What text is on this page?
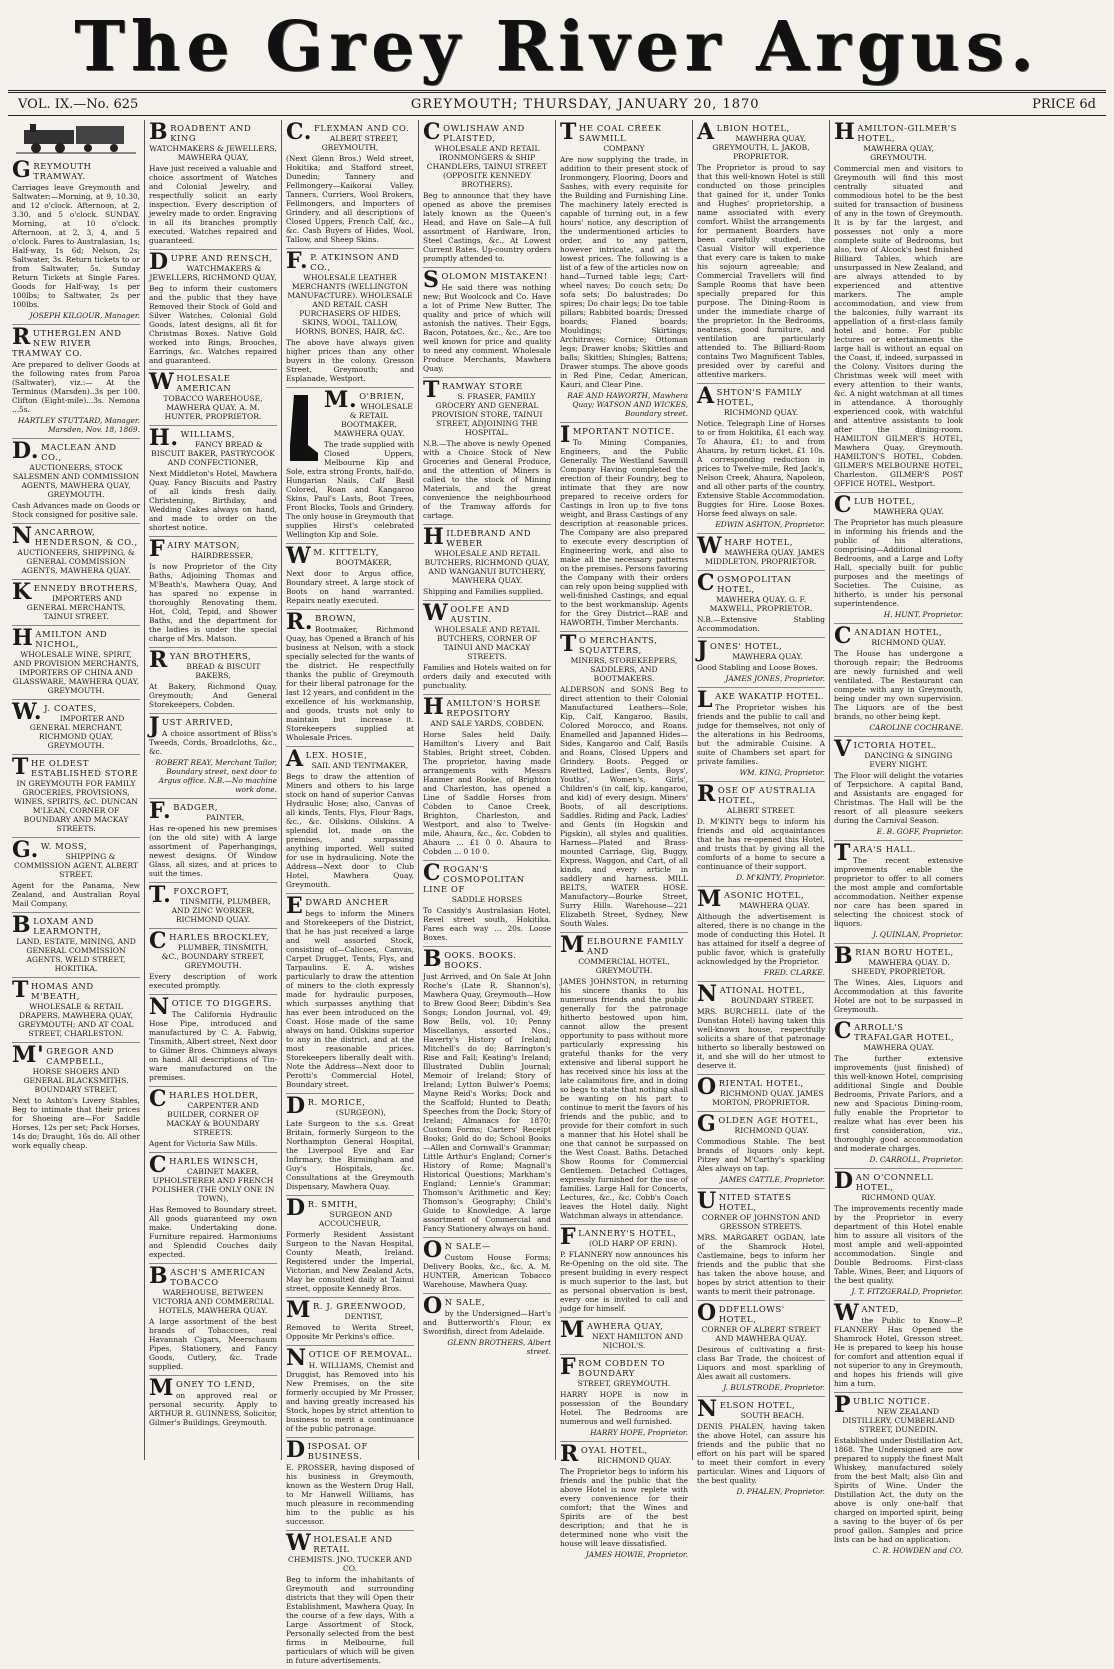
The Grey River Argus.
VOL. IX.—No. 625	GREYMOUTH; THURSDAY, JANUARY 20, 1870	PRICE 6d
GREYMOUTH TRAMWAY.
Carriages leave Greymouth and Saltwater:—Morning, at 9, 10.30, and 12 o'clock. Afternoon, at 2, 3.30, and 5 o'clock. SUNDAY. Morning, at 10 o'clock. Afternoon, at 2, 3, 4, and 5 o'clock. Fares to Australasian, 1s; Half-way, 1s 6d; Nelson, 2s; Saltwater, 3s. Return tickets to or from Saltwater, 5s. Sunday Return Tickets at Single Fares. Goods for Half-way, 1s per 100lbs; to Saltwater, 2s per 100lbs.
JOSEPH KILGOUR, Manager.
RUTHERGLEN AND NEW RIVER TRAMWAY CO.
Are prepared to deliver Goods at the following rates from Paroa (Saltwater), viz.:— At the Terminus (Marsden)..3s per 100. Clifton (Eight-mile)...3s. Nemona ...5s.
HARTLEY STUTTARD, Manager. Marsden, Nov. 18, 1869.
D.MACLEAN AND CO.,
AUCTIONEERS, STOCK SALESMEN AND COMMISSION AGENTS, MAWHERA QUAY, GREYMOUTH.
Cash Advances made on Goods or Stock consigned for positive sale.
NANCARROW, HENDERSON, & CO.,
AUCTIONEERS, SHIPPING, & GENERAL COMMISSION AGENTS, MAWHERA QUAY.
KENNEDY BROTHERS,
IMPORTERS AND GENERAL MERCHANTS, TAINUI STREET.
HAMILTON AND NICHOL,
WHOLESALE WINE, SPIRIT, AND PROVISION MERCHANTS, IMPORTERS OF CHINA AND GLASSWARE, MAWHERA QUAY, GREYMOUTH.
W.J. COATES,
IMPORTER AND GENERAL MERCHANT, RICHMOND QUAY, GREYMOUTH.
THE OLDEST ESTABLISHED STORE
IN GREYMOUTH FOR FAMILY GROCERIES, PROVISIONS, WINES, SPIRITS, &C. DUNCAN M'LEAN, CORNER OF BOUNDARY AND MACKAY STREETS.
G.W. MOSS,
SHIPPING & COMMISSION AGENT, ALBERT STREET.
Agent for the Panama, New Zealand, and Australian Royal Mail Company.
BLOXAM AND LEARMONTH,
LAND, ESTATE, MINING, AND GENERAL COMMISSION AGENTS, WELD STREET, HOKITIKA.
THOMAS AND M'BEATH,
WHOLESALE & RETAIL DRAPERS, MAWHERA QUAY, GREYMOUTH; AND AT COAL STREET, CHARLESTON.
M'GREGOR AND CAMPBELL,
HORSE SHOERS AND GENERAL BLACKSMITHS, BOUNDARY STREET,
Next to Ashton's Livery Stables, Beg to intimate that their prices for Shoeing are—For Saddle Horses, 12s per set; Pack Horses, 14s do; Draught, 16s do. All other work equally cheap.
BROADBENT AND KING
WATCHMAKERS & JEWELLERS, MAWHERA QUAY,
Have just received a valuable and choice assortment of Watches and Colonial Jewelry, and respectfully solicit an early inspection. Every description of jewelry made to order. Engraving in all its branches promptly executed. Watches repaired and guaranteed.
DUPRE AND RENSCH,
WATCHMAKERS & JEWELLERS, RICHMOND QUAY,
Beg to inform their customers and the public that they have Removed their Stock of Gold and Silver Watches, Colonial Gold Goods, latest designs, all fit for Christmas Boxes. Native Gold worked into Rings, Brooches, Earrings, &c. Watches repaired and guaranteed.
WHOLESALE AMERICAN
TOBACCO WAREHOUSE, MAWHERA QUAY. A. M. HUNTER, PROPRIETOR.
H.WILLIAMS,
FANCY BREAD & BISCUIT BAKER, PASTRYCOOK AND CONFECTIONER,
Next Middleton's Hotel, Mawhera Quay. Fancy Biscuits and Pastry of all kinds fresh daily. Christening, Birthday, and Wedding Cakes always on hand, and made to order on the shortest notice.
FAIRY MATSON,
HAIRDRESSER,
Is now Proprietor of the City Baths, Adjoining Thomas and M'Beath's, Mawhera Quay, And has spared no expense in thoroughly Renovating them. Hot, Cold, Tepid, and Shower Baths, and the department for the ladies is under the special charge of Mrs. Matson.
RYAN BROTHERS,
BREAD & BISCUIT BAKERS,
At Bakery, Richmond Quay, Greymouth; And General Storekeepers, Cobden.
JUST ARRIVED,
A choice assortment of Bliss's Tweeds, Cords, Broadcloths, &c., &c.
ROBERT REAY, Merchant Tailor, Boundary street, next door to Argus office. N.B.—No machine work done.
F.BADGER,
PAINTER,
Has re-opened his new premises (on the old site) with A large assortment of Paperhangings, newest designs. Of Window Glass, all sizes, and at prices to suit the times.
T.FOXCROFT,
TINSMITH, PLUMBER, AND ZINC WORKER, RICHMOND QUAY.
CHARLES BROCKLEY,
PLUMBER, TINSMITH, &C., BOUNDARY STREET, GREYMOUTH.
Every description of work executed promptly.
NOTICE TO DIGGERS.
The California Hydraulic Hose Pipe, introduced and manufactured by C. A. Fabwig, Tinsmith, Albert street, Next door to Gilmer Bros. Chimneys always on hand. All descriptions of Tin-ware manufactured on the premises.
CHARLES HOLDER,
CARPENTER AND BUILDER, CORNER OF MACKAY & BOUNDARY STREETS.
Agent for Victoria Saw Mills.
CHARLES WINSCH,
CABINET MAKER, UPHOLSTERER AND FRENCH POLISHER (THE ONLY ONE IN TOWN),
Has Removed to Boundary street. All goods guaranteed my own make. Undertaking done. Furniture repaired. Harmoniums and Splendid Couches daily expected.
BASCH'S AMERICAN TOBACCO
WAREHOUSE, BETWEEN VICTORIA AND COMMERCIAL HOTELS, MAWHERA QUAY.
A large assortment of the best brands of Tobaccoes, real Havannah Cigars, Meerschaum Pipes, Stationery, and Fancy Goods, Cutlery, &c. Trade supplied.
MONEY TO LEND,
on approved real or personal security. Apply to ARTHUR R. GUINNESS, Solicitor, Gilmer's Buildings, Greymouth.
C.FLEXMAN AND CO.
ALBERT STREET, GREYMOUTH,
(Next Glenn Bros.) Weld street, Hokitika; and Stafford street, Dunedin; Tannery and Fellmongery—Kaikorai Valley. Tanners, Curriers, Wool Brokers, Fellmongers, and Importers of Grindery, and all descriptions of Closed Uppers, French Calf, &c., &c. Cash Buyers of Hides, Wool, Tallow, and Sheep Skins.
F.P. ATKINSON AND CO.,
WHOLESALE LEATHER MERCHANTS (WELLINGTON MANUFACTURE). WHOLESALE AND RETAIL CASH PURCHASERS OF HIDES, SKINS, WOOL, TALLOW, HORNS, BONES, HAIR, &C.
The above have always given higher prices than any other buyers in the colony. Gresson Street, Greymouth; and Esplanade, Westport.
M.O'BRIEN,
WHOLESALE & RETAIL BOOTMAKER, MAWHERA QUAY.
The trade supplied with Closed Uppers, Melbourne Kip and Sole, extra strong Fronts, half-do, Hungarian Nails, Calf Basil Colored, Roan and Kangaroo Skins, Paul's Lasts, Boot Trees, Front Blocks, Tools and Grindery. The only house in Greymouth that supplies Hirst's celebrated Wellington Kip and Sole.
WM. KITTELTY,
BOOTMAKER,
Next door to Argus office, Boundary street. A large stock of Boots on hand warranted. Repairs neatly executed.
R.BROWN,
Bootmaker, Richmond Quay, has Opened a Branch of his business at Nelson, with a stock specially selected for the wants of the district. He respectfully thanks the public of Greymouth for their liberal patronage for the last 12 years, and confident in the excellence of his workmanship, and goods, trusts not only to maintain but increase it. Storekeepers supplied at Wholesale Prices.
ALEX. HOSIE,
SAIL AND TENTMAKER,
Begs to draw the attention of Miners and others to his large stock on hand of superior Canvas Hydraulic Hose; also, Canvas of all kinds, Tents, Flys, Flour Bags, &c., &c. Oilskins. Oilskins. A splendid lot, made on the premises, and surpassing anything imported. Well suited for use in hydraulicing. Note the Address—Next door to Club Hotel, Mawhera Quay, Greymouth.
EDWARD ANCHER
begs to inform the Miners and Storekeepers of the District, that he has just received a large and well assorted Stock, consisting of—Calicoes, Canvas, Carpet Drugget, Tents, Flys, and Tarpaulins. E. A. wishes particularly to draw the attention of miners to the cloth expressly made for hydraulic purposes, which surpasses anything that has ever been introduced on the Coast. Hose made of the same always on hand. Oilskins superior to any in the district, and at the most reasonable prices. Storekeepers liberally dealt with. Note the Address—Next door to Perotti's Commercial Hotel, Boundary street.
DR. MORICE,
(SURGEON),
Late Surgeon to the s.s. Great Britain, formerly Surgeon to the Northampton General Hospital, the Liverpool Eye and Ear Infirmary, the Birmingham and Guy's Hospitals, &c. Consultations at the Greymouth Dispensary, Mawhera Quay.
DR. SMITH,
SURGEON AND ACCOUCHEUR,
Formerly Resident Assistant Surgeon to the Navan Hospital, County Meath, Ireland. Registered under the Imperial, Victorian, and New Zealand Acts, May be consulted daily at Tainui street, opposite Kennedy Bros.
MR. J. GREENWOOD,
DENTIST,
Removed to Werita Street, Opposite Mr Perkins's office.
NOTICE OF REMOVAL.
H. WILLIAMS, Chemist and Druggist, has Removed into his New Premises, on the site formerly occupied by Mr Prosser, and having greatly increased his Stock, hopes by strict attention to business to merit a continuance of the public patronage.
DISPOSAL OF BUSINESS.
E. PROSSER, having disposed of his business in Greymouth, known as the Western Drug Hall, to Mr Hanwell Williams, has much pleasure in recommending him to the public as his successor.
WHOLESALE AND RETAIL
CHEMISTS. JNO. TUCKER AND CO.
Beg to inform the inhabitants of Greymouth and surrounding districts that they will Open their Establishment, Mawhera Quay, In the course of a few days, With a Large Assortment of Stock, Personally selected from the best firms in Melbourne, full particulars of which will be given in future advertisements.
COWLISHAW AND PLAISTED,
WHOLESALE AND RETAIL IRONMONGERS & SHIP CHANDLERS, TAINUI STREET (OPPOSITE KENNEDY BROTHERS),
Beg to announce that they have opened as above the premises lately known as the Queen's Head, and Have on Sale—A full assortment of Hardware, Iron, Steel Castings, &c., At Lowest Current Rates. Up-country orders promptly attended to.
SOLOMON MISTAKEN!
He said there was nothing new; But Woolcock and Co. Have a lot of Prime New Butter, The quality and price of which will astonish the natives. Their Eggs, Bacon, Potatoes, &c., &c., Are too well known for price and quality to need any comment. Wholesale Produce Merchants, Mawhera Quay.
TRAMWAY STORE
S. FRASER, FAMILY GROCERY AND GENERAL PROVISION STORE, TAINUI STREET, ADJOINING THE HOSPITAL.
N.B.—The above is newly Opened with a Choice Stock of New Groceries and General Produce, and the attention of Miners is called to the stock of Mining Materials, and the great convenience the neighbourhood of the Tramway affords for cartage.
HILDEBRAND AND WEBER
WHOLESALE AND RETAIL BUTCHERS, RICHMOND QUAY, AND WANGANUI BUTCHERY, MAWHERA QUAY.
Shipping and Families supplied.
WOOLFE AND AUSTIN.
WHOLESALE AND RETAIL BUTCHERS, CORNER OF TAINUI AND MACKAY STREETS.
Families and Hotels waited on for orders daily and executed with punctuality.
HAMILTON'S HORSE REPOSITORY
AND SALE YARDS, COBDEN.
Horse Sales held Daily. Hamilton's Livery and Bait Stables, Bright street, Cobden. The proprietor, having made arrangements with Messrs Hanmer and Rooke, of Brighton and Charleston, has opened a Line of Saddle Horses from Cobden to Canoe Creek, Brighton, Charleston, and Westport, and also to Twelve-mile, Ahaura, &c., &c. Cobden to Ahaura ... £1 0 0. Ahaura to Cobden ... 0 10 0.
CROGAN'S COSMOPOLITAN LINE OF
SADDLE HORSES
To Cassidy's Australasian Hotel, Revel street south, Hokitika. Fares each way ... 20s. Loose Boxes.
BOOKS. BOOKS. BOOKS.
Just Arrived, and On Sale At John Roche's (Late R. Shannon's), Mawhera Quay, Greymouth—How to Brew Good Beer; Dibdin's Sea Songs; London Journal, vol. 49; Bow Bells, vol. 10; Penny Miscellanys, assorted Nos.; Haverty's History of Ireland; Mitchell's do do; Barrington's Rise and Fall; Keating's Ireland; Illustrated Dublin Journal; Memoir of Ireland; Story of Ireland; Lytton Bulwer's Poems; Mayne Reid's Works; Dock and the Scaffold; Hunted to Death; Speeches from the Dock; Story of Ireland; Almanacs for 1870; Custom Forms; Carters' Receipt Books; Gold do do; School Books—Allen and Cornwall's Grammar; Little Arthur's England; Corner's History of Rome; Magnall's Historical Questions; Markham's England; Lennie's Grammar; Thomson's Arithmetic and Key; Thomson's Geography; Child's Guide to Knowledge. A large assortment of Commercial and Fancy Stationery always on hand.
ON SALE—
Custom House Forms; Delivery Books, &c., &c. A. M. HUNTER, American Tobacco Warehouse, Mawhera Quay.
ON SALE,
by the Undersigned—Hart's and Butterworth's Flour, ex Swordfish, direct from Adelaide.
GLENN BROTHERS, Albert street.
THE COAL CREEK SAWMILL
COMPANY
Are now supplying the trade, in addition to their present stock of Ironmongery, Flooring, Doors and Sashes, with every requisite for the Building and Furnishing Line. The machinery lately erected is capable of turning out, in a few hours' notice, any description of the undermentioned articles to order, and to any pattern, however intricate, and at the lowest prices. The following is a list of a few of the articles now on hand—Turned table legs; Cart-wheel naves; Do couch sets; Do sofa sets; Do balustrades; Do spires; Do chair legs; Do toe table pillars; Rabbited boards; Dressed boards; Flaned boards; Mouldings; Skirtings; Architraves; Cornice; Ottoman legs; Drawer knobs; Skittles and balls; Skittles; Shingles; Battens; Drawer stumps. The above goods in Red Pine, Cedar, American, Kauri, and Clear Pine.
RAE AND HAWORTH, Mawhera Quay; WATSON AND WICKES, Boundary street.
IMPORTANT NOTICE.
To Mining Companies, Engineers, and the Public Generally. The Westland Sawmill Company Having completed the erection of their Foundry, beg to intimate that they are now prepared to receive orders for Castings in Iron up to five tons weight, and Brass Castings of any description at reasonable prices. The Company are also prepared to execute every description of Engineering work, and also to make all the necessary patterns on the premises. Persons favoring the Company with their orders can rely upon being supplied with well-finished Castings, and equal to the best workmanship. Agents for the Grey District—RAE and HAWORTH, Timber Merchants.
TO MERCHANTS, SQUATTERS,
MINERS, STOREKEEPERS, SADDLERS, AND BOOTMAKERS.
ALDERSON and SONS Beg to direct attention to their Colonial Manufactured Leathers—Sole, Kip, Calf, Kangaroo, Basils, Colored Morocco, and Roans. Enamelled and Japanned Hides—Sides, Kangaroo and Calf, Basils and Roans, Closed Uppers and Grindery. Boots. Pegged or Rivetted, Ladies', Gents, Boys', Youths', Women's, Girls', Children's (in calf, kip, kangaroo, and kid) of every design. Miners' Boots, of all descriptions. Saddles. Riding and Pack, Ladies' and Gents (in Hogskin and Pigskin), all styles and qualities. Harness—Plated and Brass-mounted Carriage, Gig, Buggy, Express, Waggon, and Cart, of all kinds, and every article in saddlery and harness. MILL BELTS, WATER HOSE. Manufactory—Bourke Street, Surry Hills. Warehouse—221 Elizabeth Street, Sydney, New South Wales.
MELBOURNE FAMILY AND
COMMERCIAL HOTEL, GREYMOUTH.
JAMES JOHNSTON, in returning his sincere thanks to his numerous friends and the public generally for the patronage hitherto bestowed upon him, cannot allow the present opportunity to pass without more particularly expressing his grateful thanks for the very extensive and liberal support he has received since his loss at the late calamitous fire, and in doing so begs to state that nothing shall be wanting on his part to continue to merit the favors of his friends and the public, and to provide for their comfort in such a manner that his Hotel shall be one that cannot be surpassed on the West Coast. Baths. Detached Show Rooms for Commercial Gentlemen. Detached Cottages, expressly furnished for the use of families. Large Hall for Concerts, Lectures, &c., &c. Cobb's Coach leaves the Hotel daily. Night Watchman always in attendance.
FLANNERY'S HOTEL,
(OLD HARP OF ERIN).
P. FLANNERY now announces his Re-Opening on the old site. The present building in every respect is much superior to the last, but as personal observation is best, every one is invited to call and judge for himself.
MAWHERA QUAY,
NEXT HAMILTON AND NICHOL'S.
FROM COBDEN TO BOUNDARY
STREET, GREYMOUTH.
HARRY HOPE is now in possession of the Boundary Hotel. The Bedrooms are numerous and well furnished.
HARRY HOPE, Proprietor.
ROYAL HOTEL,
RICHMOND QUAY.
The Proprietor begs to inform his friends and the public that the above Hotel is now replete with every convenience for their comfort; that the Wines and Spirits are of the best description; and that he is determined none who visit the house will leave dissatisfied.
JAMES HOWIE, Proprietor.
ALBION HOTEL,
MAWHERA QUAY, GREYMOUTH, L. JAKOB, PROPRIETOR.
The Proprietor is proud to say that this well-known Hotel is still conducted on those principles that gained for it, under Tonks and Hughes' proprietorship, a name associated with every comfort. Whilst the arrangements for permanent Boarders have been carefully studied, the Casual Visitor will experience that every care is taken to make his sojourn agreeable; and Commercial Travellers will find Sample Rooms that have been specially prepared for this purpose. The Dining-Room is under the immediate charge of the proprietor. In the Bedrooms, neatness, good furniture, and ventilation are particularly attended to. The Billiard-Room contains Two Magnificent Tables, presided over by careful and attentive markers.
ASHTON'S FAMILY HOTEL,
RICHMOND QUAY.
Notice. Telegraph Line of Horses to or from Hokitika, £1 each way. To Ahaura, £1; to and from Ahaura, by return ticket, £1 10s. A corresponding reduction in prices to Twelve-mile, Red Jack's, Nelson Creek, Ahaura, Napoleon, and all other parts of the country. Extensive Stable Accommodation. Buggies for Hire. Loose Boxes. Horse feed always on sale.
EDWIN ASHTON, Proprietor.
WHARF HOTEL,
MAWHERA QUAY. JAMES MIDDLETON, PROPRIETOR.
COSMOPOLITAN HOTEL,
MAWHERA QUAY. G. F. MAXWELL, PROPRIETOR.
N.B.—Extensive Stabling Accommodation.
JONES' HOTEL,
MAWHERA QUAY.
Good Stabling and Loose Boxes.
JAMES JONES, Proprietor.
LAKE WAKATIP HOTEL.
The Proprietor wishes his friends and the public to call and judge for themselves, not only of the alterations in his Bedrooms, but the admirable Cuisine. A suite of Chambers set apart for private families.
WM. KING, Proprietor.
ROSE OF AUSTRALIA HOTEL,
ALBERT STREET.
D. M'KINTY begs to inform his friends and old acquaintances that he has re-opened this Hotel, and trusts that by giving all the comforts of a home to secure a continuance of their support.
D. M'KINTY, Proprietor.
MASONIC HOTEL,
MAWHERA QUAY.
Although the advertisement is altered, there is no change in the mode of conducting this Hotel. It has attained for itself a degree of public favor, which is gratefully acknowledged by the Proprietor.
FRED. CLARKE.
NATIONAL HOTEL,
BOUNDARY STREET.
MRS. BURCHELL (late of the Dunstan Hotel) having taken this well-known house, respectfully solicits a share of that patronage hitherto so liberally bestowed on it, and she will do her utmost to deserve it.
ORIENTAL HOTEL,
RICHMOND QUAY. JAMES MORTON, PROPRIETOR.
GOLDEN AGE HOTEL,
RICHMOND QUAY.
Commodious Stable. The best brands of liquors only kept. Pitzey and M'Carthy's sparkling Ales always on tap.
JAMES CATTLE, Proprietor.
UNITED STATES HOTEL,
CORNER OF JOHNSTON AND GRESSON STREETS.
MRS. MARGARET OGDAN, late of the Shamrock Hotel, Castlemaine, begs to inform her friends and the public that she has taken the above house, and hopes by strict attention to their wants to merit their patronage.
ODDFELLOWS' HOTEL,
CORNER OF ALBERT STREET AND MAWHERA QUAY.
Desirous of cultivating a first-class Bar Trade, the choicest of Liquors and most sparkling of Ales await all customers.
J. BULSTRODE, Proprietor.
NELSON HOTEL,
SOUTH BEACH.
DENIS PHALEN, having taken the above Hotel, can assure his friends and the public that no effort on his part will be spared to meet their comfort in every particular. Wines and Liquors of the best quality.
D. PHALEN, Proprietor.
HAMILTON-GILMER'S HOTEL,
MAWHERA QUAY, GREYMOUTH.
Commercial men and visitors to Greymouth will find this most centrally situated and commodious hotel to be the best suited for transaction of business of any in the town of Greymouth. It is by far the largest, and possesses not only a more complete suite of Bedrooms, but also, two of Alcock's best finished Billiard Tables, which are unsurpassed in New Zealand, and are always attended to by experienced and attentive markers. The ample accommodation, and view from the balconies, fully warrant its appellation of a first-class family hotel and home. For public lectures or entertainments the large hall is without an equal on the Coast, if, indeed, surpassed in the Colony. Visitors during the Christmas week will meet with every attention to their wants, &c. A night watchman at all times in attendance. A thoroughly experienced cook, with watchful and attentive assistants to look after the dining-room. HAMILTON GILMER'S HOTEL, Mawhera Quay, Greymouth. HAMILTON'S HOTEL, Cobden. GILMER'S MELBOURNE HOTEL, Charleston. GILMER'S POST OFFICE HOTEL, Westport.
CLUB HOTEL,
MAWHERA QUAY.
The Proprietor has much pleasure in informing his friends and the public of his alterations, comprising—Additional Bedrooms, and a Large and Lofty Hall, specially built for public purposes and the meetings of Societies. The Cuisine, as hitherto, is under his personal superintendence.
H. HUNT, Proprietor.
CANADIAN HOTEL,
RICHMOND QUAY.
The House has undergone a thorough repair; the Bedrooms are newly furnished and well ventilated. The Restaurant can compete with any in Greymouth, being under my own supervision. The Liquors are of the best brands, no other being kept.
CAROLINE COCHRANE.
VICTORIA HOTEL.
DANCING & SINGING EVERY NIGHT.
The Floor will delight the votaries of Terpsichore. A capital Band, and Assistants are engaged for Christmas. The Hall will be the resort of all pleasure seekers during the Carnival Season.
E. B. GOFF, Proprietor.
TARA'S HALL.
The recent extensive improvements enable the proprietor to offer to all comers the most ample and comfortable accommodation. Neither expense nor care has been spared in selecting the choicest stock of liquors.
J. QUINLAN, Proprietor.
BRIAN BORU HOTEL,
MAWHERA QUAY. D. SHEEDY, PROPRIETOR.
The Wines, Ales, Liquors and Accommodation at this favorite Hotel are not to be surpassed in Greymouth.
CARROLL'S TRAFALGAR HOTEL,
MAWHERA QUAY.
The further extensive improvements (just finished) of this well-known Hotel, comprising additional Single and Double Bedrooms, Private Parlors, and a new and Spacious Dining-room, fully enable the Proprietor to realize what has ever been his first consideration, viz., thoroughly good accommodation and moderate charges.
D. CARROLL, Proprietor.
DAN O'CONNELL HOTEL,
RICHMOND QUAY.
The improvements recently made by the Proprietor in every department of this Hotel enable him to assure all visitors of the most ample and well-appointed accommodation. Single and Double Bedrooms. First-class Table, Wines, Beer, and Liquors of the best quality.
J. T. FITZGERALD, Proprietor.
WANTED,
the Public to Know—P. FLANNERY Has Opened the Shamrock Hotel, Gresson street. He is prepared to keep his house for comfort and attention equal if not superior to any in Greymouth, and hopes his friends will give him a turn.
PUBLIC NOTICE.
NEW ZEALAND DISTILLERY, CUMBERLAND STREET, DUNEDIN.
Established under Distillation Act, 1868. The Undersigned are now prepared to supply the finest Malt Whiskey, manufactured solely from the best Malt; also Gin and Spirits of Wine. Under the Distillation Act, the duty on the above is only one-half that charged on imported spirit, being a saving to the buyer of 6s per proof gallon. Samples and price lists can be had on application.
C. R. HOWDEN and CO.
